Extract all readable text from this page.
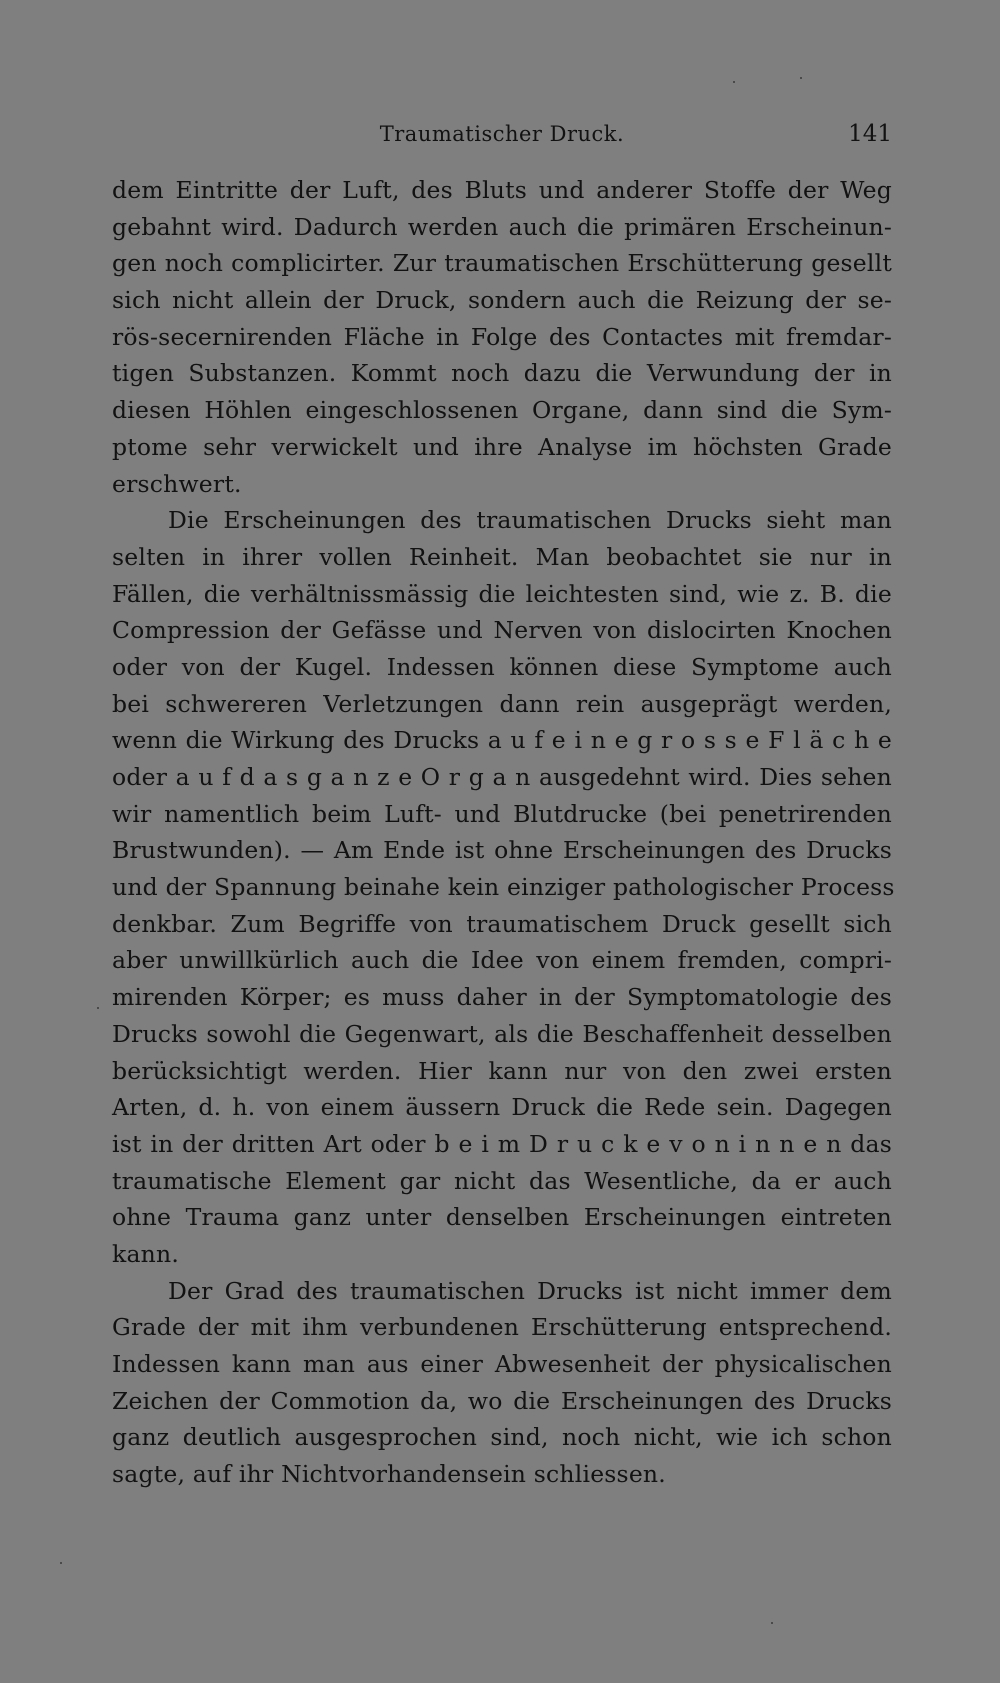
Traumatischer Druck.	141
dem Eintritte der Luft, des Bluts und anderer Stoffe der Weg
gebahnt wird. Dadurch werden auch die primären Erscheinun-
gen noch complicirter. Zur traumatischen Erschütterung gesellt
sich nicht allein der Druck, sondern auch die Reizung der se-
rös-secernirenden Fläche in Folge des Contactes mit fremdar-
tigen Substanzen. Kommt noch dazu die Verwundung der in
diesen Höhlen eingeschlossenen Organe, dann sind die Sym-
ptome sehr verwickelt und ihre Analyse im höchsten Grade
erschwert.
Die Erscheinungen des traumatischen Drucks sieht man
selten in ihrer vollen Reinheit. Man beobachtet sie nur in
Fällen, die verhältnissmässig die leichtesten sind, wie z. B. die
Compression der Gefässe und Nerven von dislocirten Knochen
oder von der Kugel. Indessen können diese Symptome auch
bei schwereren Verletzungen dann rein ausgeprägt werden,
wenn die Wirkung des Drucks a u f e i n e g r o s s e F l ä c h e
oder a u f d a s g a n z e O r g a n ausgedehnt wird. Dies sehen
wir namentlich beim Luft- und Blutdrucke (bei penetrirenden
Brustwunden). — Am Ende ist ohne Erscheinungen des Drucks
und der Spannung beinahe kein einziger pathologischer Process
denkbar. Zum Begriffe von traumatischem Druck gesellt sich
aber unwillkürlich auch die Idee von einem fremden, compri-
mirenden Körper; es muss daher in der Symptomatologie des
Drucks sowohl die Gegenwart, als die Beschaffenheit desselben
berücksichtigt werden. Hier kann nur von den zwei ersten
Arten, d. h. von einem äussern Druck die Rede sein. Dagegen
ist in der dritten Art oder b e i m D r u c k e v o n i n n e n das
traumatische Element gar nicht das Wesentliche, da er auch
ohne Trauma ganz unter denselben Erscheinungen eintreten
kann.
Der Grad des traumatischen Drucks ist nicht immer dem
Grade der mit ihm verbundenen Erschütterung entsprechend.
Indessen kann man aus einer Abwesenheit der physicalischen
Zeichen der Commotion da, wo die Erscheinungen des Drucks
ganz deutlich ausgesprochen sind, noch nicht, wie ich schon
sagte, auf ihr Nichtvorhandensein schliessen.
